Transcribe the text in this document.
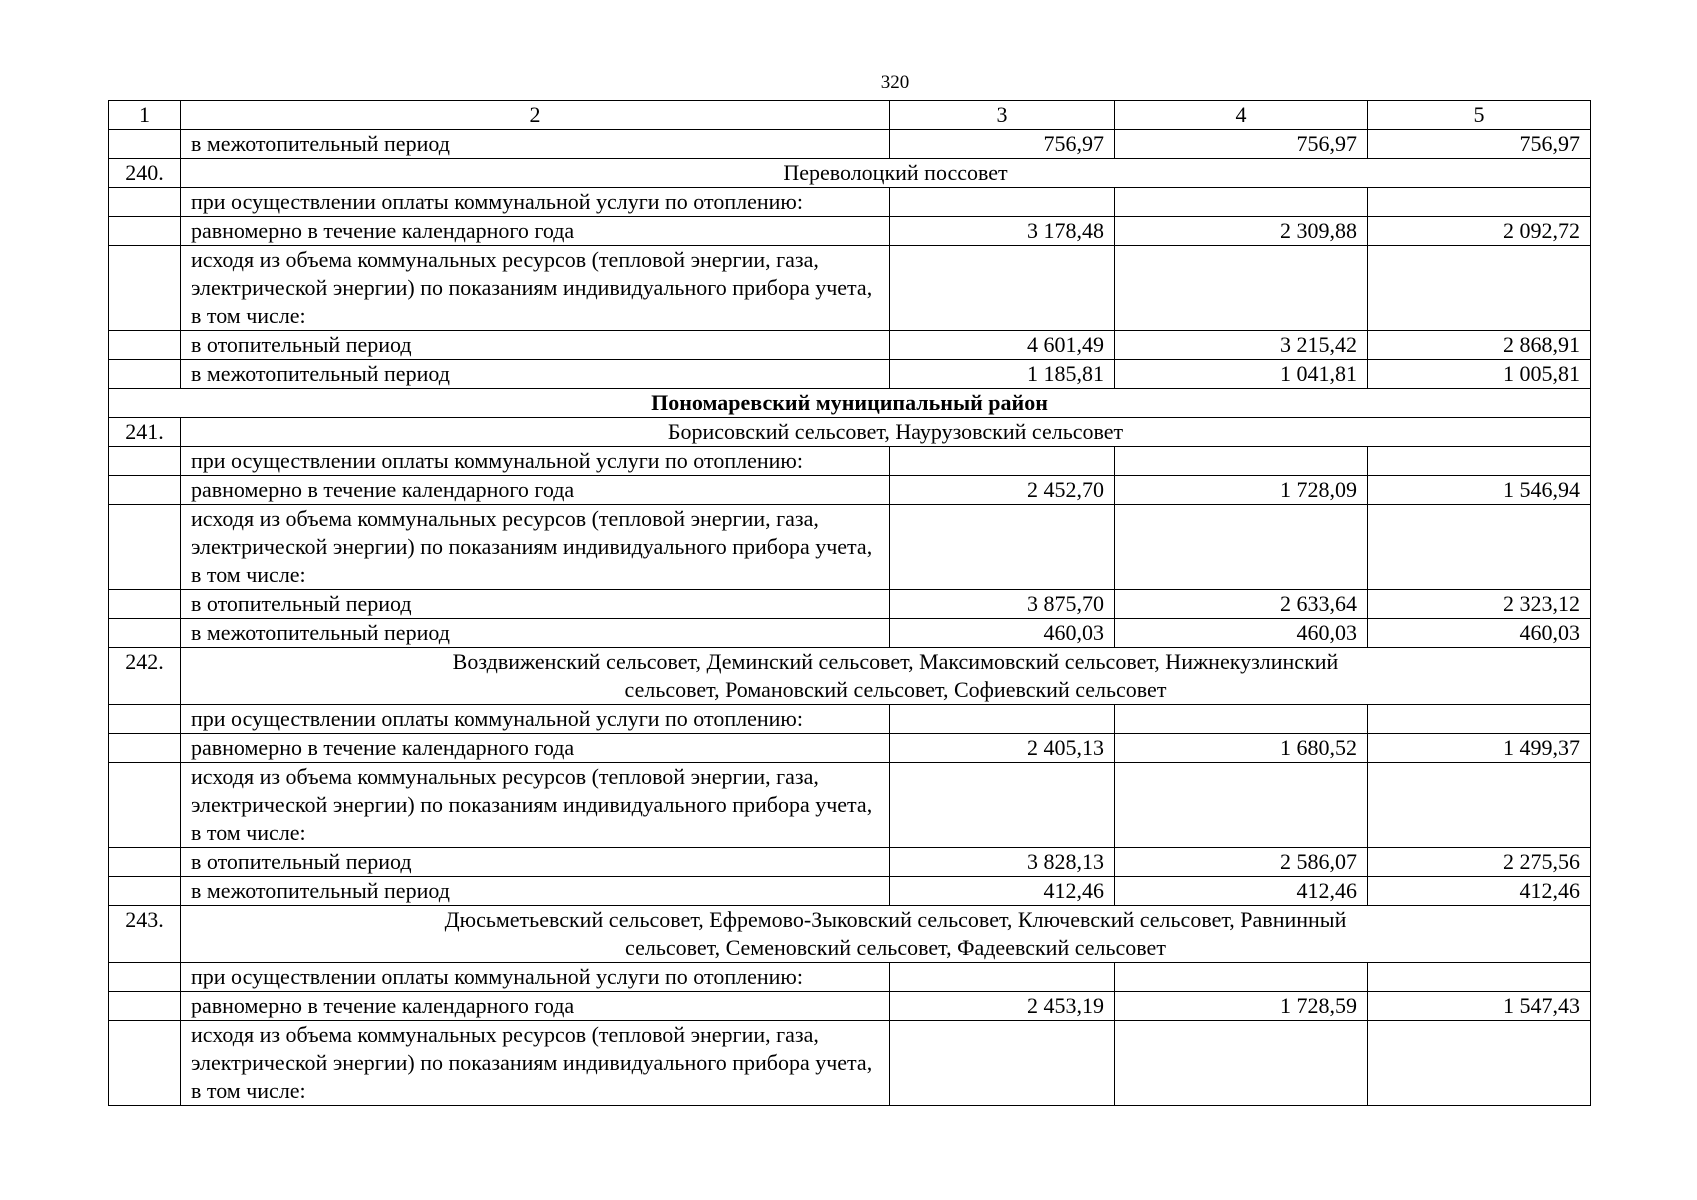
320
1	2	3	4	5
	в межотопительный период	756,97	756,97	756,97
240.	Переволоцкий поссовет			
	при осуществлении оплаты коммунальной услуги по отоплению:			
	равномерно в течение календарного года	3 178,48	2 309,88	2 092,72
	исходя из объема коммунальных ресурсов (тепловой энергии, газа, электрической энергии) по показаниям индивидуального прибора учета, в том числе:			
	в отопительный период	4 601,49	3 215,42	2 868,91
	в межотопительный период	1 185,81	1 041,81	1 005,81
Пономаревский муниципальный район				
241.	Борисовский сельсовет, Наурузовский сельсовет			
	при осуществлении оплаты коммунальной услуги по отоплению:			
	равномерно в течение календарного года	2 452,70	1 728,09	1 546,94
	исходя из объема коммунальных ресурсов (тепловой энергии, газа, электрической энергии) по показаниям индивидуального прибора учета, в том числе:			
	в отопительный период	3 875,70	2 633,64	2 323,12
	в межотопительный период	460,03	460,03	460,03
242.	Воздвиженский сельсовет, Деминский сельсовет, Максимовский сельсовет, Нижнекузлинский сельсовет, Романовский сельсовет, Софиевский сельсовет			
	при осуществлении оплаты коммунальной услуги по отоплению:			
	равномерно в течение календарного года	2 405,13	1 680,52	1 499,37
	исходя из объема коммунальных ресурсов (тепловой энергии, газа, электрической энергии) по показаниям индивидуального прибора учета, в том числе:			
	в отопительный период	3 828,13	2 586,07	2 275,56
	в межотопительный период	412,46	412,46	412,46
243.	Дюсьметьевский сельсовет, Ефремово-Зыковский сельсовет, Ключевский сельсовет, Равнинный сельсовет, Семеновский сельсовет, Фадеевский сельсовет			
	при осуществлении оплаты коммунальной услуги по отоплению:			
	равномерно в течение календарного года	2 453,19	1 728,59	1 547,43
	исходя из объема коммунальных ресурсов (тепловой энергии, газа, электрической энергии) по показаниям индивидуального прибора учета, в том числе:			
